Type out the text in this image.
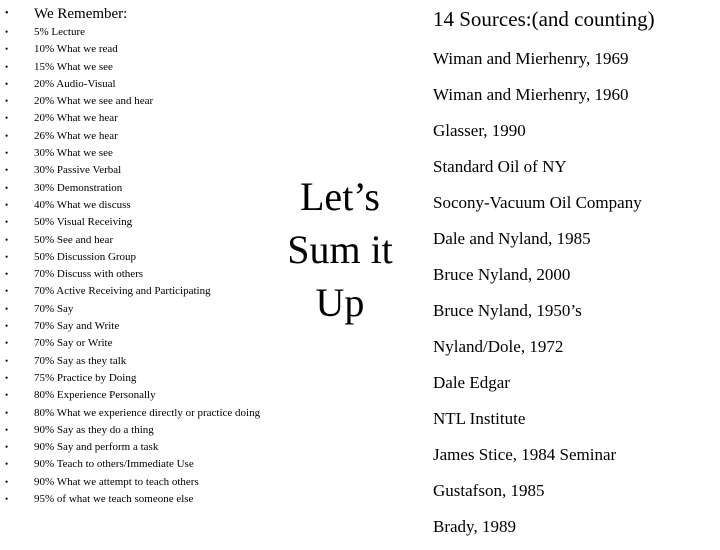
• We Remember:
• 5% Lecture
• 10% What we read
• 15% What we see
• 20% Audio-Visual
• 20% What we see and hear
• 20% What we hear
• 26% What we hear
• 30% What we see
• 30% Passive Verbal
• 30% Demonstration
• 40% What we discuss
• 50% Visual Receiving
• 50% See and hear
• 50% Discussion Group
• 70% Discuss with others
• 70% Active Receiving and Participating
• 70% Say
• 70% Say and Write
• 70% Say or Write
• 70% Say as they talk
• 75% Practice by Doing
• 80% Experience Personally
• 80% What we experience directly or practice doing
• 90% Say as they do a thing
• 90% Say and perform a task
• 90% Teach to others/Immediate Use
• 90% What we attempt to teach others
• 95% of what we teach someone else
Let’s
Sum it
Up
14 Sources:(and counting)
Wiman and Mierhenry, 1969
Wiman and Mierhenry, 1960
Glasser, 1990
Standard Oil of NY
Socony-Vacuum Oil Company
Dale and Nyland, 1985
Bruce Nyland, 2000
Bruce Nyland, 1950’s
Nyland/Dole, 1972
Dale Edgar
NTL Institute
James Stice, 1984 Seminar
Gustafson, 1985
Brady, 1989
